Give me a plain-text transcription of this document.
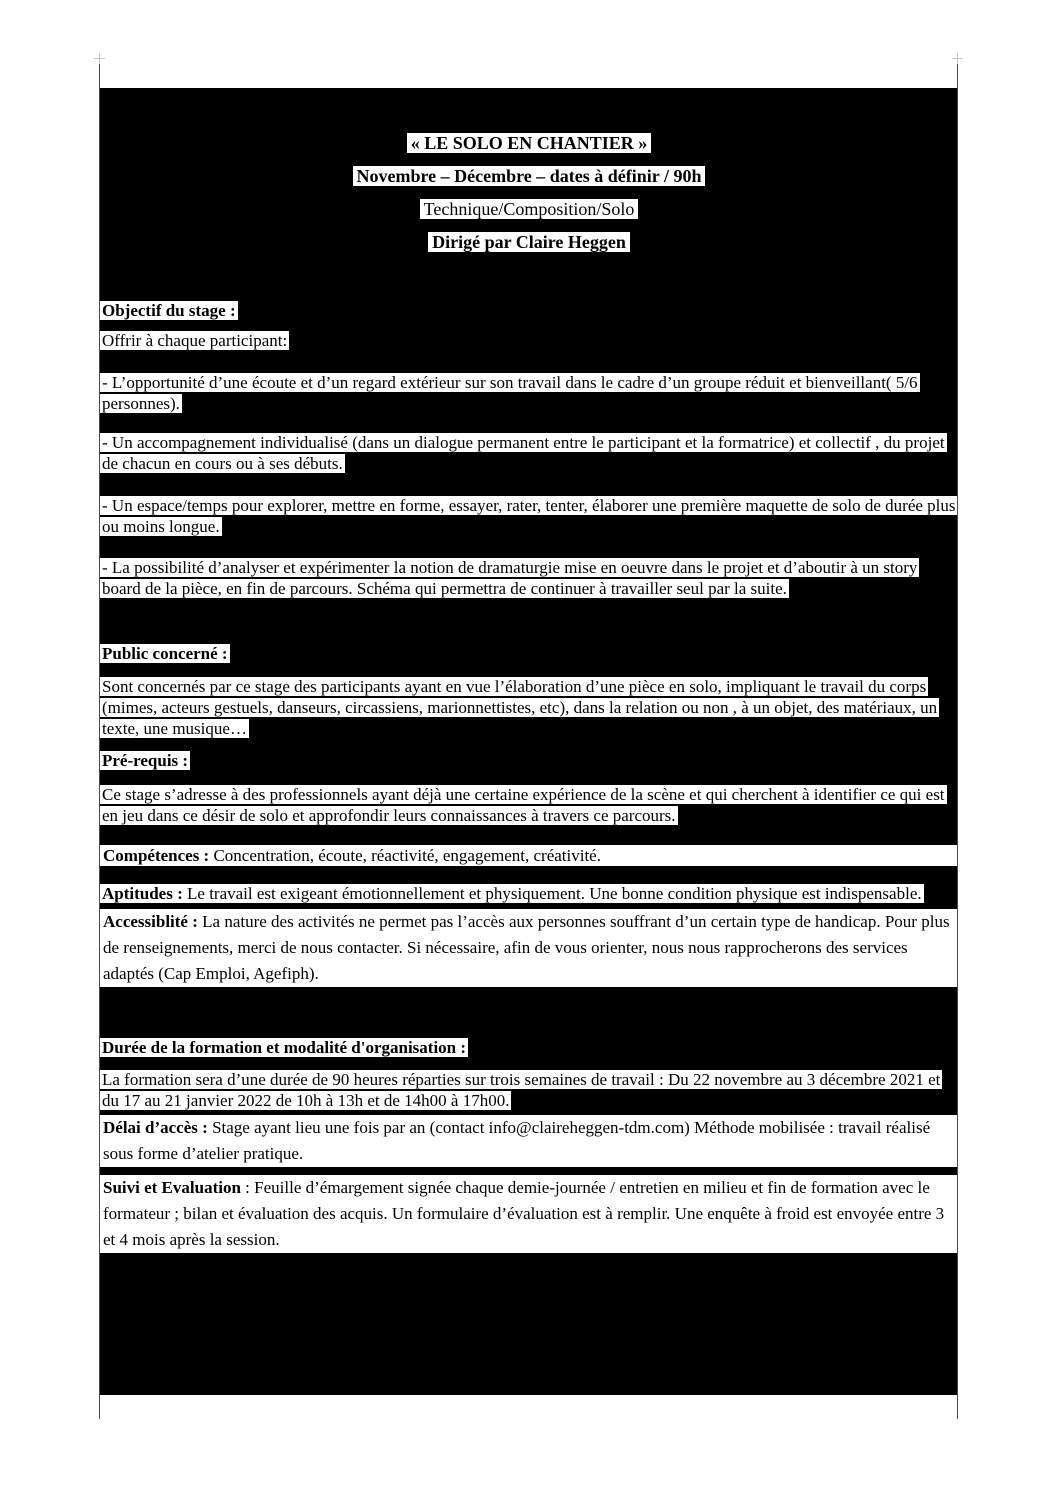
« LE SOLO EN CHANTIER »

Novembre – Décembre – dates à définir / 90h

Technique/Composition/Solo

Dirigé par Claire Heggen

Objectif du stage :

Offrir à chaque participant:

- L’opportunité d’une écoute et d’un regard extérieur sur son travail dans le cadre d’un groupe réduit et bienveillant( 5/6 personnes).

- Un accompagnement individualisé (dans un dialogue permanent entre le participant et la formatrice) et collectif , du projet de chacun en cours ou à ses débuts.

- Un espace/temps pour explorer, mettre en forme, essayer, rater, tenter, élaborer une première maquette de solo de durée plus ou moins longue.

- La possibilité d’analyser et expérimenter la notion de dramaturgie mise en oeuvre dans le projet et d’aboutir à un story board de la pièce, en fin de parcours. Schéma qui permettra de continuer à travailler seul par la suite.

Public concerné :

Sont concernés par ce stage des participants ayant en vue l’élaboration d’une pièce en solo, impliquant le travail du corps (mimes, acteurs gestuels, danseurs, circassiens, marionnettistes, etc), dans la relation ou non , à un objet, des matériaux, un texte, une musique…

Pré-requis :

Ce stage s’adresse à des professionnels ayant déjà une certaine expérience de la scène et qui cherchent à identifier ce qui est en jeu dans ce désir de solo et approfondir leurs connaissances à travers ce parcours.

Compétences : Concentration, écoute, réactivité, engagement, créativité.

Aptitudes : Le travail est exigeant émotionnellement et physiquement. Une bonne condition physique est indispensable.

Accessiblité : La nature des activités ne permet pas l’accès aux personnes souffrant d’un certain type de handicap. Pour plus de renseignements, merci de nous contacter. Si nécessaire, afin de vous orienter, nous nous rapprocherons des services adaptés (Cap Emploi, Agefiph).

Durée de la formation et modalité d'organisation :

La formation sera d’une durée de 90 heures réparties sur trois semaines de travail : Du 22 novembre au 3 décembre 2021 et du 17 au 21 janvier 2022 de 10h à 13h et de 14h00 à 17h00.

Délai d’accès : Stage ayant lieu une fois par an (contact info@claireheggen-tdm.com) Méthode mobilisée : travail réalisé sous forme d’atelier pratique.

Suivi et Evaluation : Feuille d’émargement signée chaque demie-journée / entretien en milieu et fin de formation avec le formateur ; bilan et évaluation des acquis. Un formulaire d’évaluation est à remplir. Une enquête à froid est envoyée entre 3 et 4 mois après la session.
